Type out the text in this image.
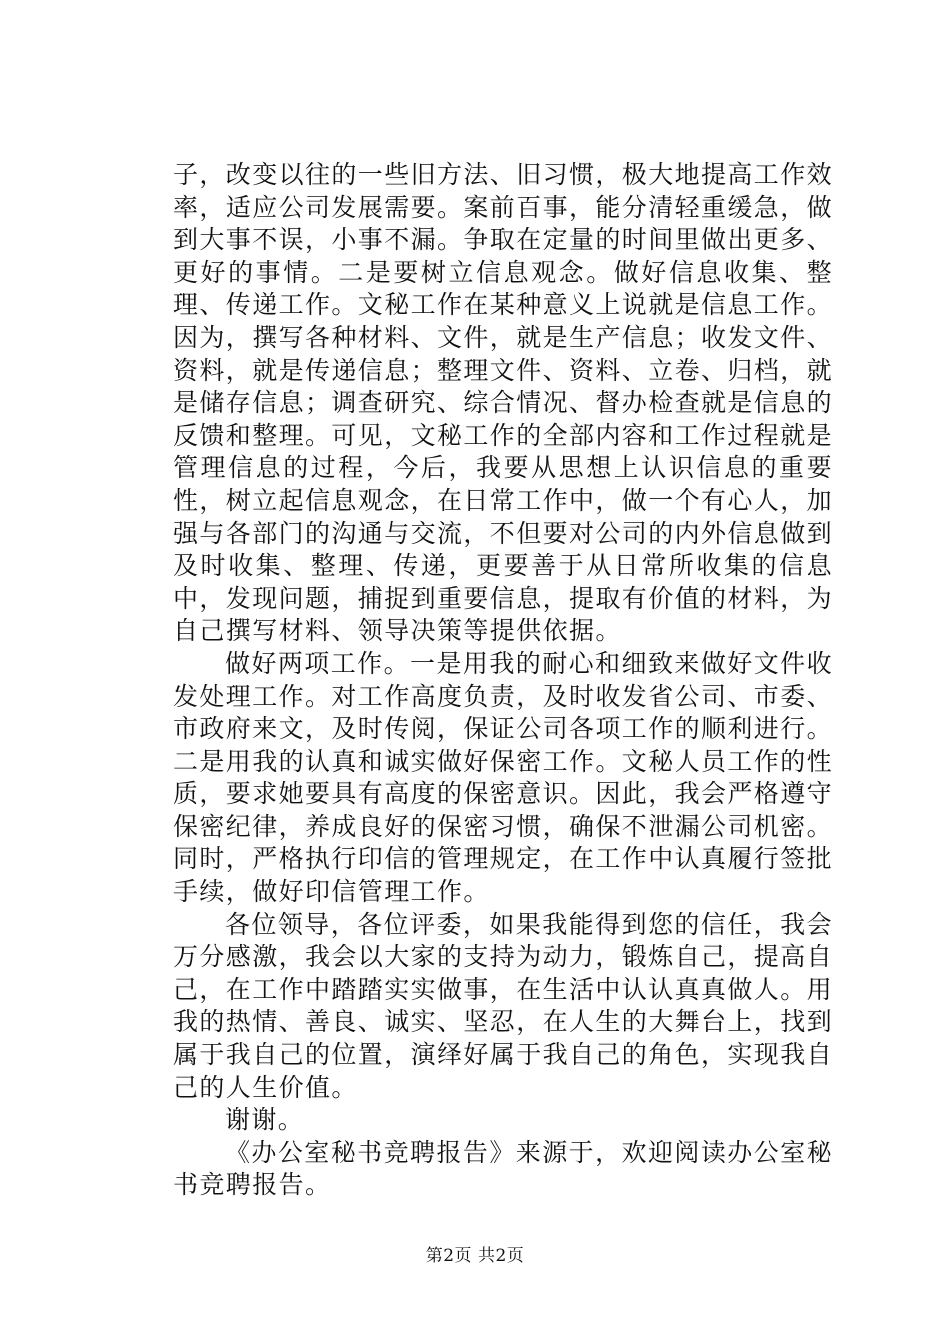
子，改变以往的一些旧方法、旧习惯，极大地提高工作效率，适应公司发展需要。案前百事，能分清轻重缓急，做到大事不误，小事不漏。争取在定量的时间里做出更多、更好的事情。二是要树立信息观念。做好信息收集、整理、传递工作。文秘工作在某种意义上说就是信息工作。因为，撰写各种材料、文件，就是生产信息；收发文件、资料，就是传递信息；整理文件、资料、立卷、归档，就是储存信息；调查研究、综合情况、督办检查就是信息的反馈和整理。可见，文秘工作的全部内容和工作过程就是管理信息的过程，今后，我要从思想上认识信息的重要性，树立起信息观念，在日常工作中，做一个有心人，加强与各部门的沟通与交流，不但要对公司的内外信息做到及时收集、整理、传递，更要善于从日常所收集的信息中，发现问题，捕捉到重要信息，提取有价值的材料，为自己撰写材料、领导决策等提供依据。

做好两项工作。一是用我的耐心和细致来做好文件收发处理工作。对工作高度负责，及时收发省公司、市委、市政府来文，及时传阅，保证公司各项工作的顺利进行。二是用我的认真和诚实做好保密工作。文秘人员工作的性质，要求她要具有高度的保密意识。因此，我会严格遵守保密纪律，养成良好的保密习惯，确保不泄漏公司机密。同时，严格执行印信的管理规定，在工作中认真履行签批手续，做好印信管理工作。

各位领导，各位评委，如果我能得到您的信任，我会万分感激，我会以大家的支持为动力，锻炼自己，提高自己，在工作中踏踏实实做事，在生活中认认真真做人。用我的热情、善良、诚实、坚忍，在人生的大舞台上，找到属于我自己的位置，演绎好属于我自己的角色，实现我自己的人生价值。

谢谢。

《办公室秘书竞聘报告》来源于，欢迎阅读办公室秘书竞聘报告。

第2页 共2页
